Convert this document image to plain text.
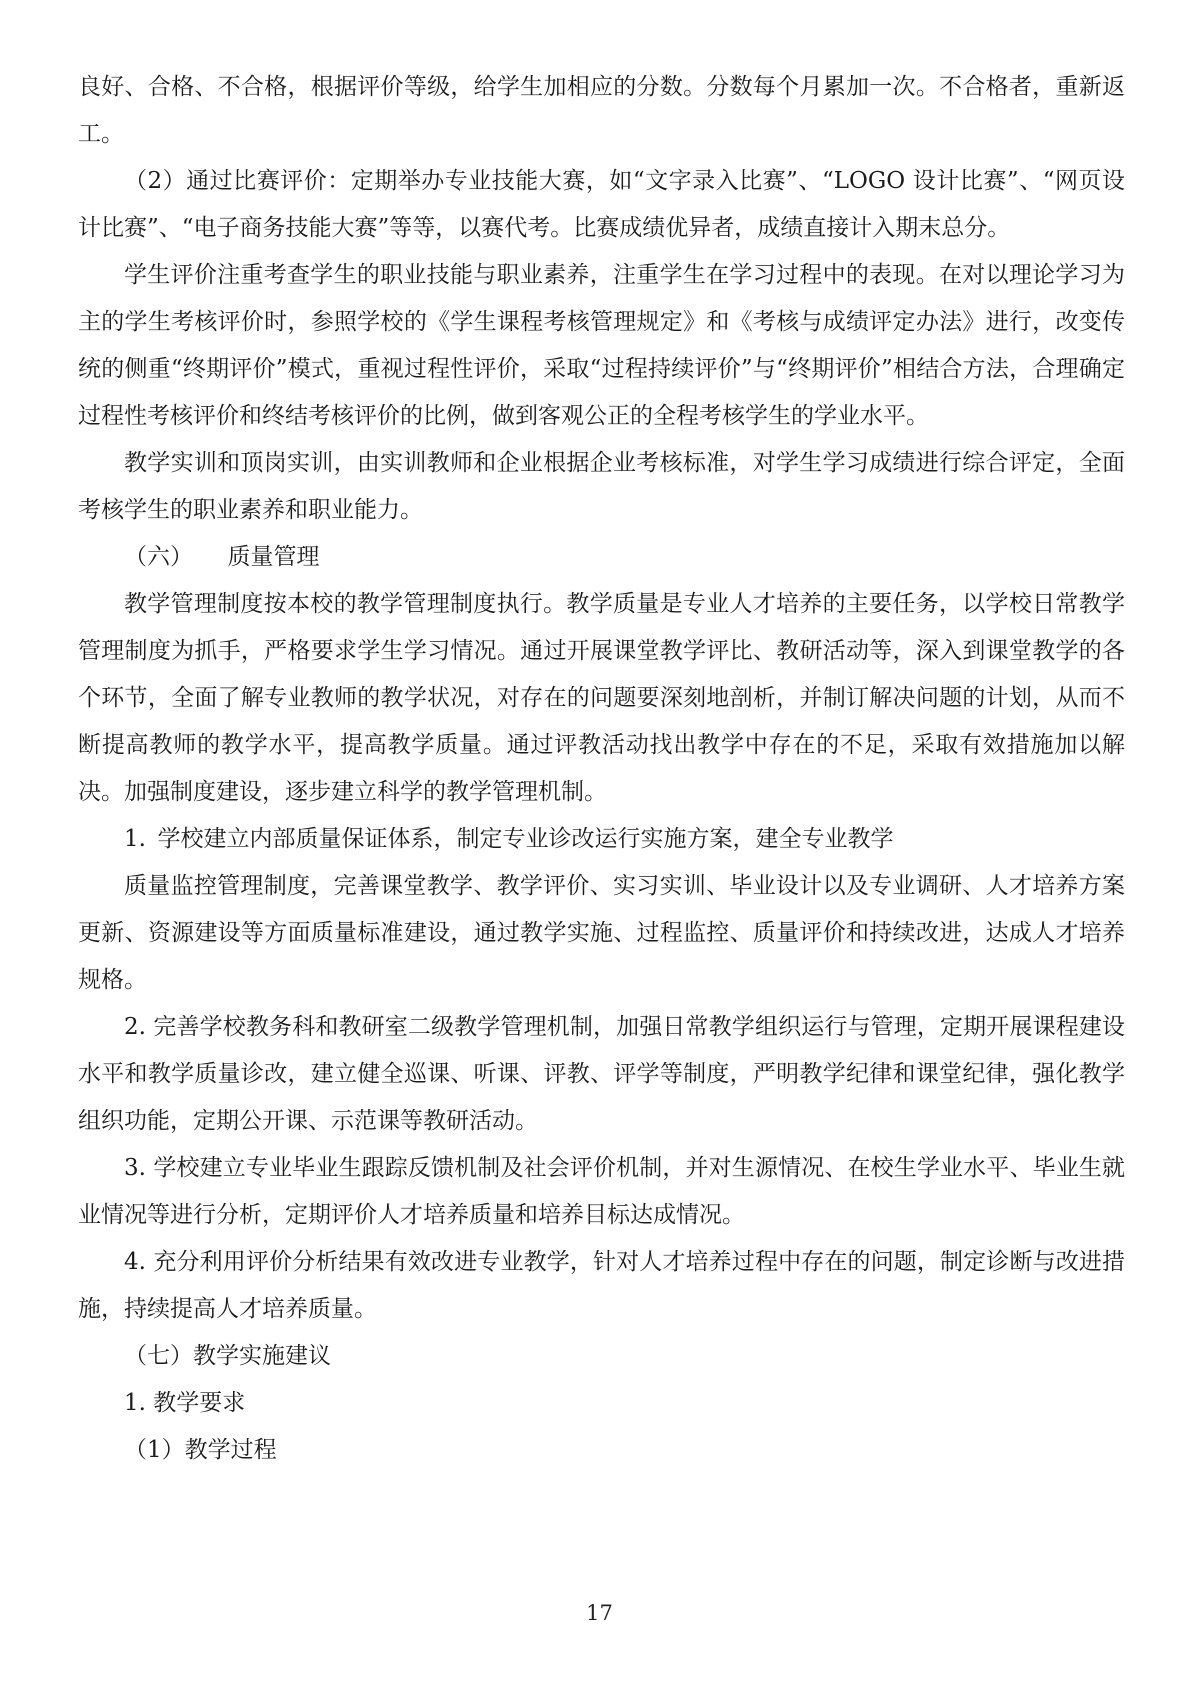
良好、合格、不合格，根据评价等级，给学生加相应的分数。分数每个月累加一次。不合格者，重新返工。

（2）通过比赛评价：定期举办专业技能大赛，如“文字录入比赛”、“LOGO 设计比赛”、“网页设计比赛”、“电子商务技能大赛”等等，以赛代考。比赛成绩优异者，成绩直接计入期末总分。

学生评价注重考查学生的职业技能与职业素养，注重学生在学习过程中的表现。在对以理论学习为主的学生考核评价时，参照学校的《学生课程考核管理规定》和《考核与成绩评定办法》进行，改变传统的侧重“终期评价”模式，重视过程性评价，采取“过程持续评价”与“终期评价”相结合方法，合理确定过程性考核评价和终结考核评价的比例，做到客观公正的全程考核学生的学业水平。

教学实训和顶岗实训，由实训教师和企业根据企业考核标准，对学生学习成绩进行综合评定，全面考核学生的职业素养和职业能力。

（六）　　质量管理

教学管理制度按本校的教学管理制度执行。教学质量是专业人才培养的主要任务，以学校日常教学管理制度为抓手，严格要求学生学习情况。通过开展课堂教学评比、教研活动等，深入到课堂教学的各个环节，全面了解专业教师的教学状况，对存在的问题要深刻地剖析，并制订解决问题的计划，从而不断提高教师的教学水平，提高教学质量。通过评教活动找出教学中存在的不足，采取有效措施加以解决。加强制度建设，逐步建立科学的教学管理机制。

1. 学校建立内部质量保证体系，制定专业诊改运行实施方案，建全专业教学

质量监控管理制度，完善课堂教学、教学评价、实习实训、毕业设计以及专业调研、人才培养方案更新、资源建设等方面质量标准建设，通过教学实施、过程监控、质量评价和持续改进，达成人才培养规格。

2. 完善学校教务科和教研室二级教学管理机制，加强日常教学组织运行与管理，定期开展课程建设水平和教学质量诊改，建立健全巡课、听课、评教、评学等制度，严明教学纪律和课堂纪律，强化教学组织功能，定期公开课、示范课等教研活动。

3. 学校建立专业毕业生跟踪反馈机制及社会评价机制，并对生源情况、在校生学业水平、毕业生就业情况等进行分析，定期评价人才培养质量和培养目标达成情况。

4. 充分利用评价分析结果有效改进专业教学，针对人才培养过程中存在的问题，制定诊断与改进措施，持续提高人才培养质量。

（七）教学实施建议

1. 教学要求

（1）教学过程

17
